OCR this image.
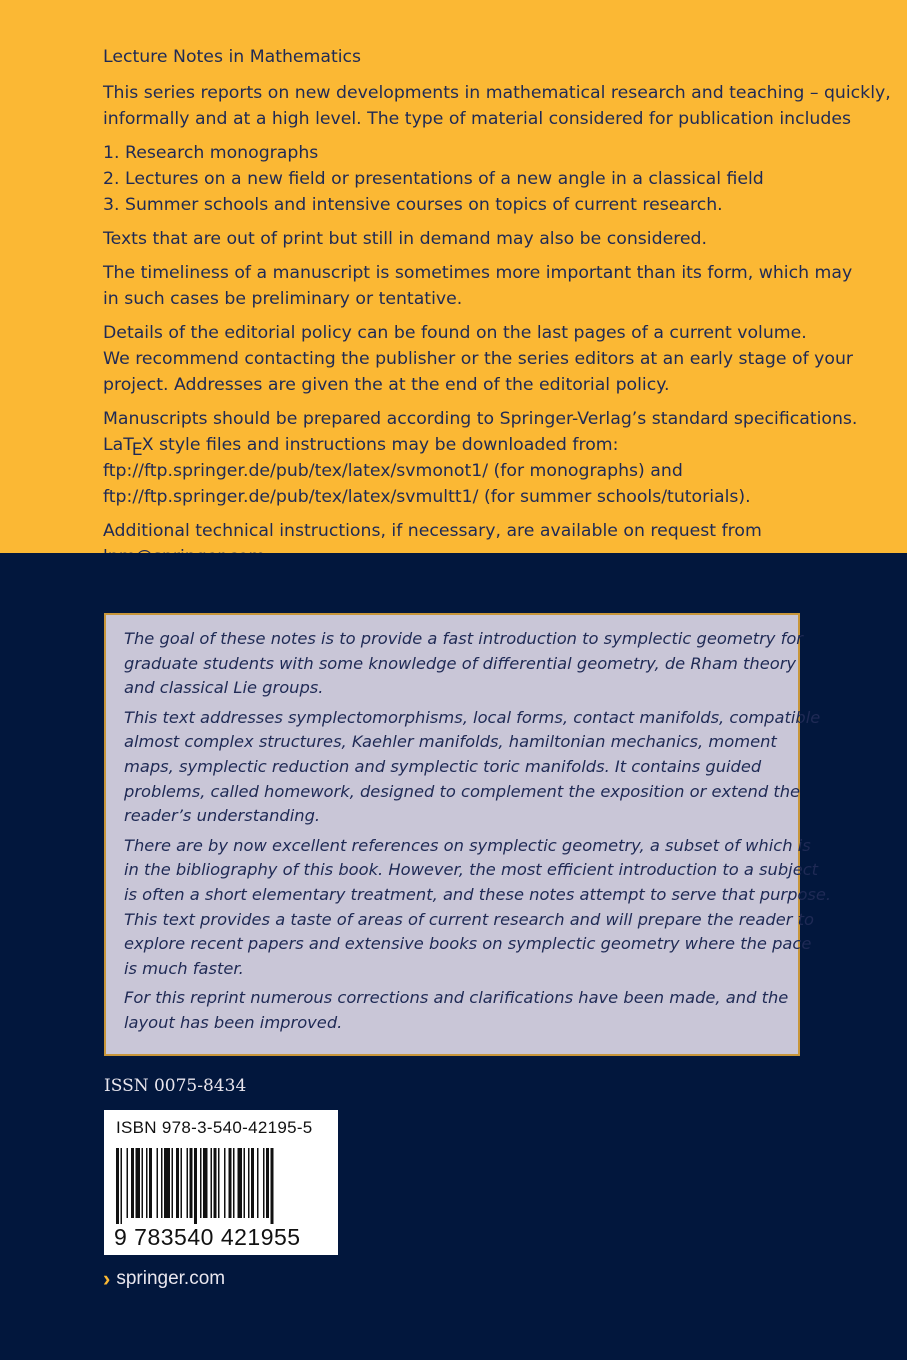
Lecture Notes in Mathematics

This series reports on new developments in mathematical research and teaching – quickly,
informally and at a high level. The type of material considered for publication includes

1. Research monographs
2. Lectures on a new field or presentations of a new angle in a classical field
3. Summer schools and intensive courses on topics of current research.

Texts that are out of print but still in demand may also be considered.

The timeliness of a manuscript is sometimes more important than its form, which may
in such cases be preliminary or tentative.

Details of the editorial policy can be found on the last pages of a current volume.
We recommend contacting the publisher or the series editors at an early stage of your
project. Addresses are given the at the end of the editorial policy.

Manuscripts should be prepared according to Springer-Verlag’s standard specifications.
LaTEX style files and instructions may be downloaded from:
ftp://ftp.springer.de/pub/tex/latex/svmonot1/ (for monographs) and
ftp://ftp.springer.de/pub/tex/latex/svmultt1/ (for summer schools/tutorials).

Additional technical instructions, if necessary, are available on request from

The goal of these notes is to provide a fast introduction to symplectic geometry for
graduate students with some knowledge of differential geometry, de Rham theory
and classical Lie groups.

This text addresses symplectomorphisms, local forms, contact manifolds, compatible
almost complex structures, Kaehler manifolds, hamiltonian mechanics, moment
maps, symplectic reduction and symplectic toric manifolds. It contains guided
problems, called homework, designed to complement the exposition or extend the
reader’s understanding.

There are by now excellent references on symplectic geometry, a subset of which is
in the bibliography of this book. However, the most efficient introduction to a subject
is often a short elementary treatment, and these notes attempt to serve that purpose.
This text provides a taste of areas of current research and will prepare the reader to
explore recent papers and extensive books on symplectic geometry where the pace
is much faster.

For this reprint numerous corrections and clarifications have been made, and the
layout has been improved.

ISSN 0075-8434
ISBN 978-3-540-42195-5
9 783540 421955
› springer.com
